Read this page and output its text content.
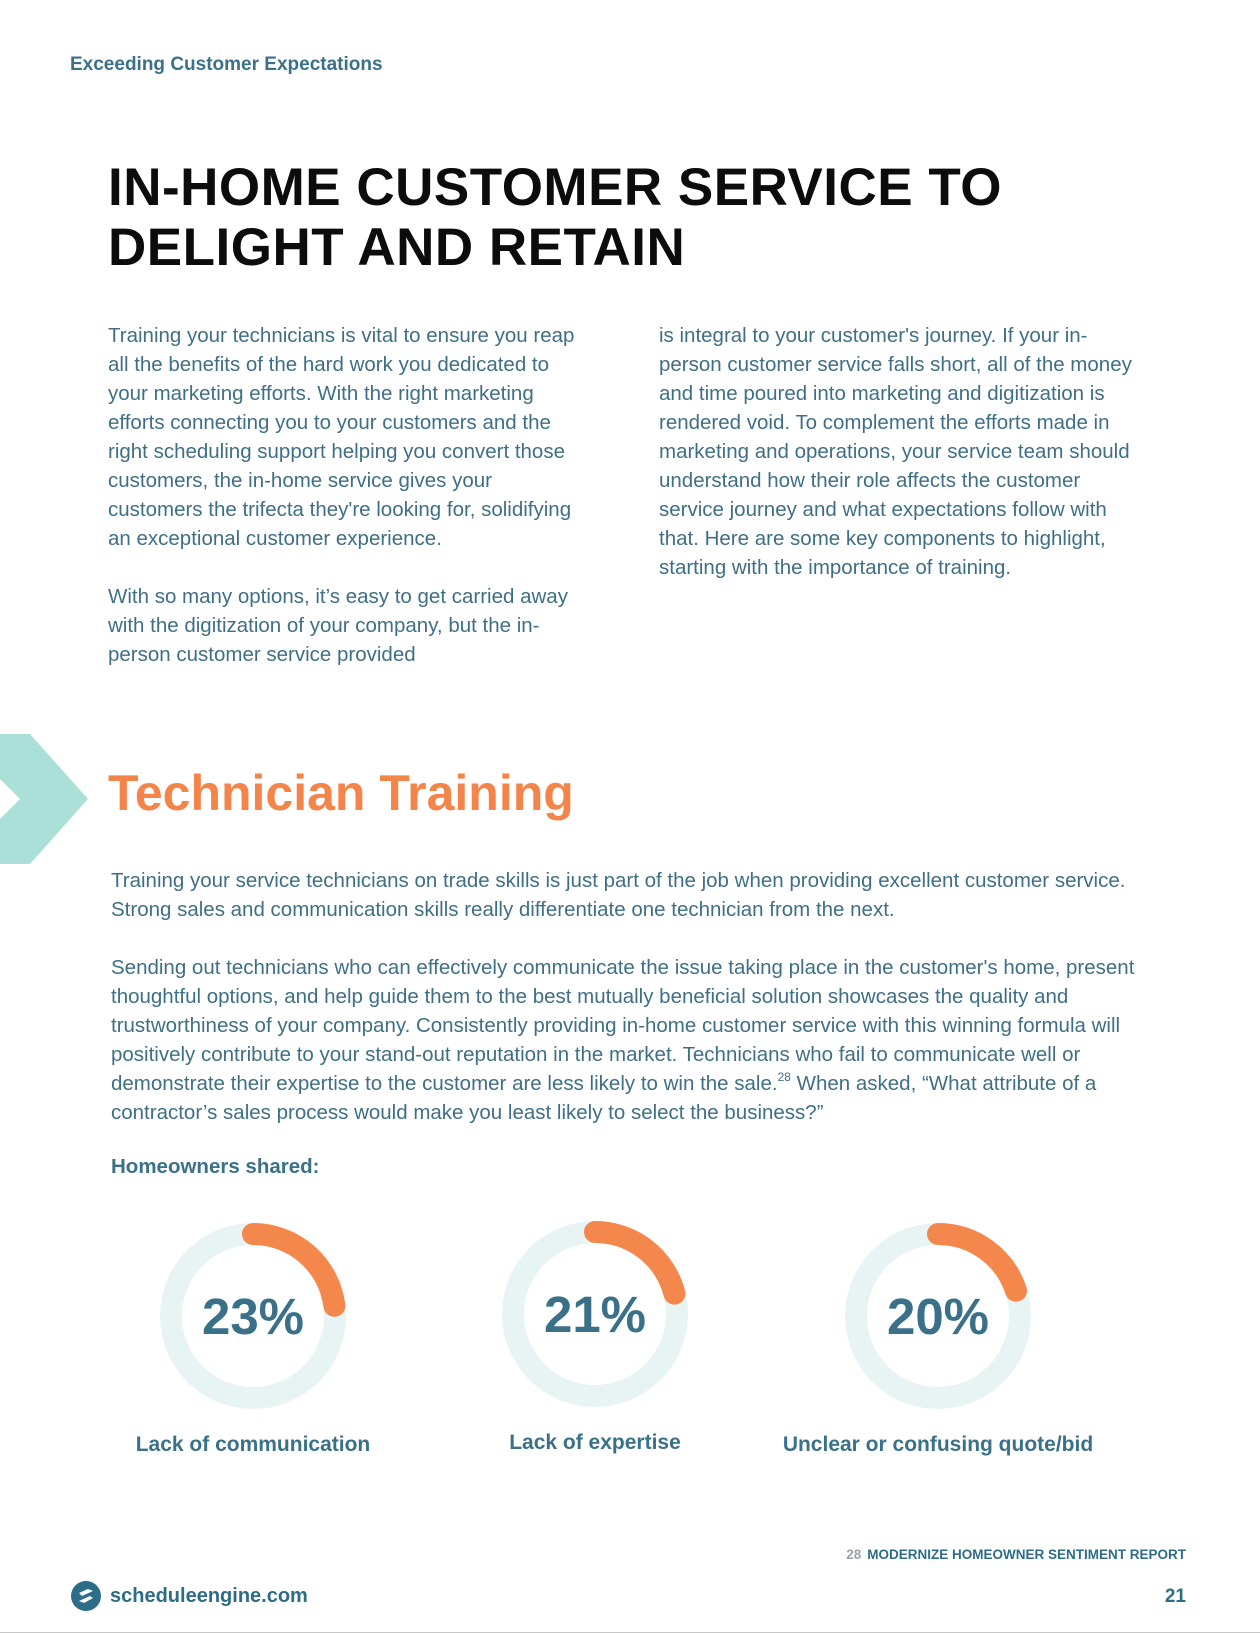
Exceeding Customer Expectations
IN-HOME CUSTOMER SERVICE TO
DELIGHT AND RETAIN

Training your technicians is vital to ensure you reap all the benefits of the hard work you dedicated to your marketing efforts. With the right marketing efforts connecting you to your customers and the right scheduling support helping you convert those customers, the in-home service gives your customers the trifecta they're looking for, solidifying an exceptional customer experience.

With so many options, it’s easy to get carried away with the digitization of your company, but the in-person customer service provided

is integral to your customer's journey. If your in-person customer service falls short, all of the money and time poured into marketing and digitization is rendered void. To complement the efforts made in marketing and operations, your service team should understand how their role affects the customer service journey and what expectations follow with that. Here are some key components to highlight, starting with the importance of training.

Technician Training

Training your service technicians on trade skills is just part of the job when providing excellent customer service. Strong sales and communication skills really differentiate one technician from the next.

Sending out technicians who can effectively communicate the issue taking place in the customer's home, present thoughtful options, and help guide them to the best mutually beneficial solution showcases the quality and trustworthiness of your company. Consistently providing in-home customer service with this winning formula will positively contribute to your stand-out reputation in the market. Technicians who fail to communicate well or demonstrate their expertise to the customer are less likely to win the sale.$^{28}$ When asked, “What attribute of a contractor’s sales process would make you least likely to select the business?”

Homeowners shared:
23%
Lack of communication
21%
Lack of expertise
20%
Unclear or confusing quote/bid
28 MODERNIZE HOMEOWNER SENTIMENT REPORT
scheduleengine.com	21
